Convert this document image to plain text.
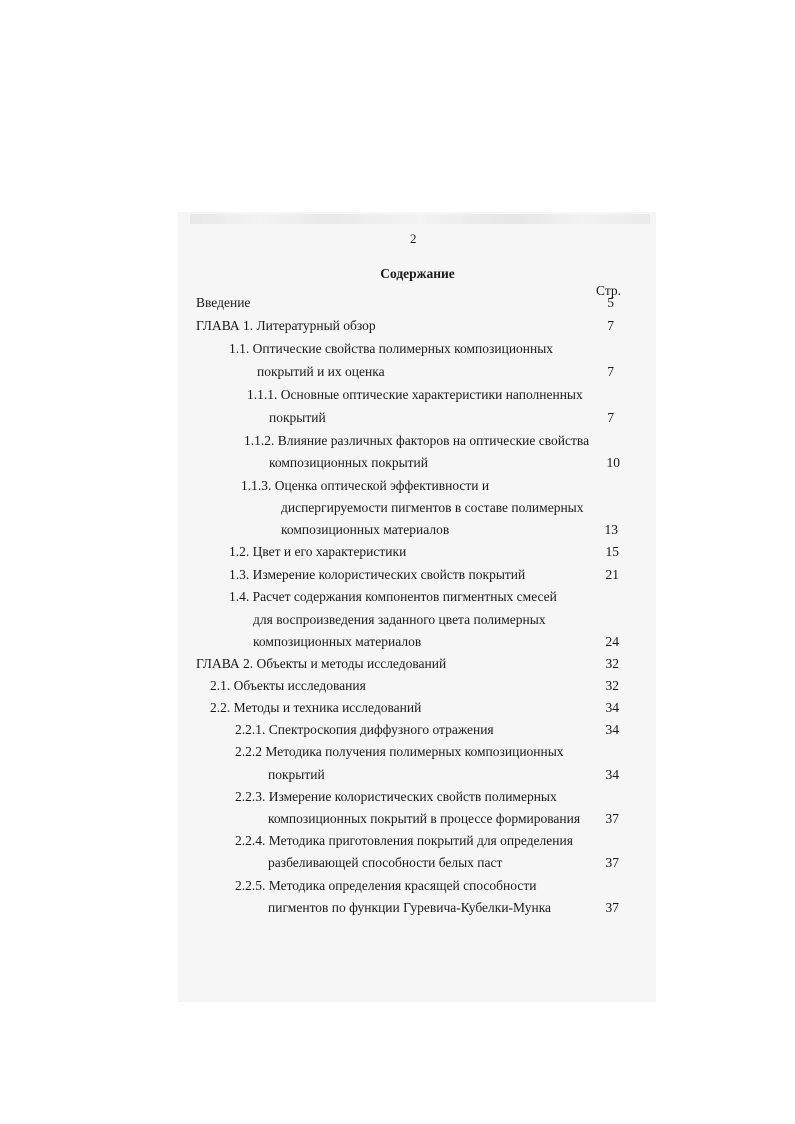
2
Содержание
Стр.
Введение	5
ГЛАВА 1. Литературный обзор	7
1.1. Оптические свойства полимерных композиционных
покрытий и их оценка	7
1.1.1. Основные оптические характеристики наполненных
покрытий	7
1.1.2. Влияние различных факторов на оптические свойства
композиционных покрытий	10
1.1.3. Оценка оптической эффективности и
диспергируемости пигментов в составе полимерных
композиционных материалов	13
1.2. Цвет и его характеристики	15
1.3. Измерение колористических свойств покрытий	21
1.4. Расчет содержания компонентов пигментных смесей
для воспроизведения заданного цвета полимерных
композиционных материалов	24
ГЛАВА 2. Объекты и методы исследований	32
2.1. Объекты исследования	32
2.2. Методы и техника исследований	34
2.2.1. Спектроскопия диффузного отражения	34
2.2.2 Методика получения полимерных композиционных
покрытий	34
2.2.3. Измерение колористических свойств полимерных
композиционных покрытий в процессе формирования	37
2.2.4. Методика приготовления покрытий для определения
разбеливающей способности белых паст	37
2.2.5. Методика определения красящей способности
пигментов по функции Гуревича-Кубелки-Мунка	37
